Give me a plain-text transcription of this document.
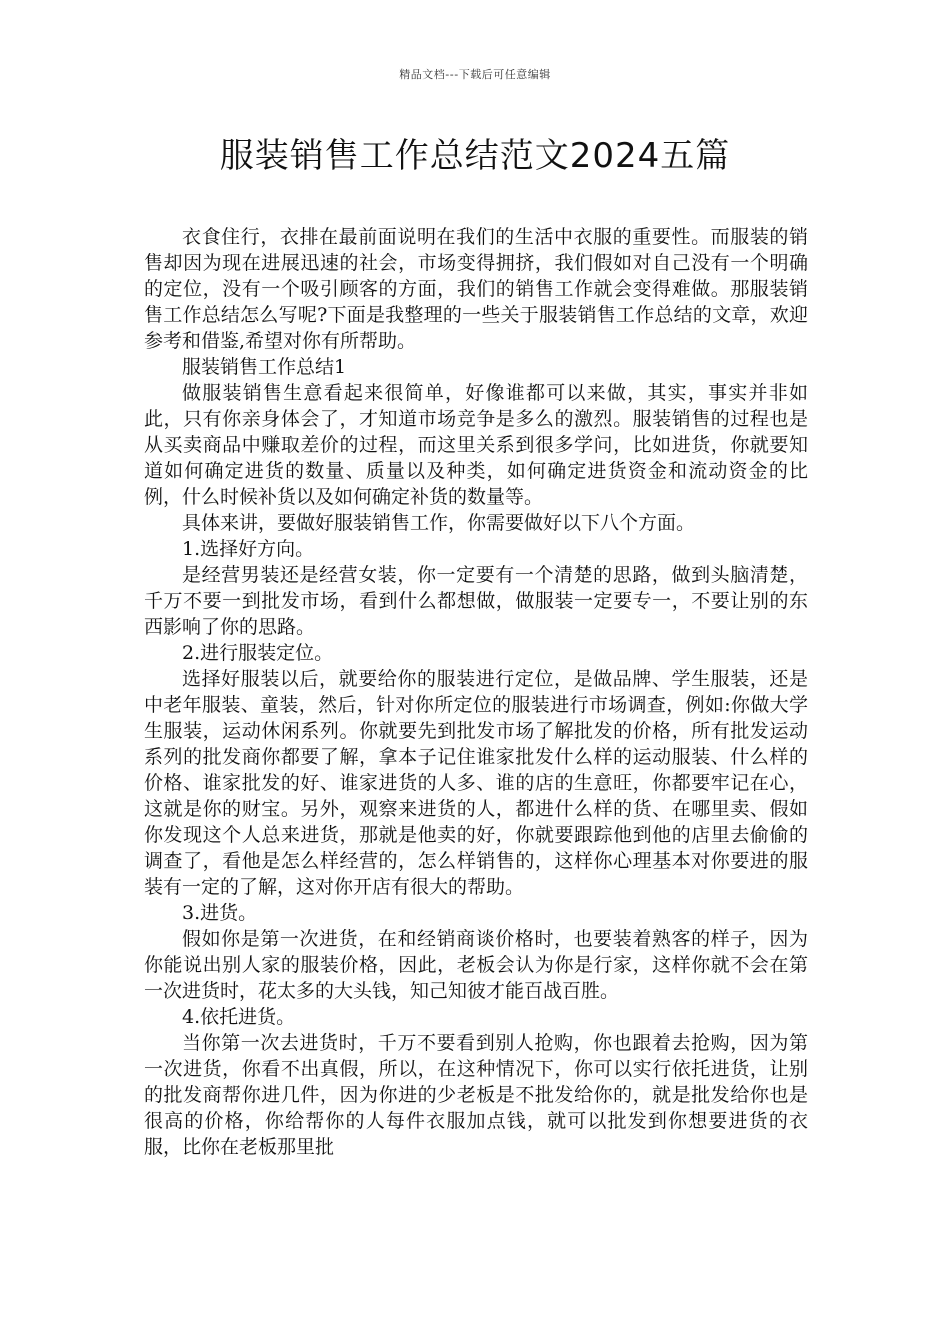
精品文档---下载后可任意编辑
服装销售工作总结范文2024五篇

衣食住行，衣排在最前面说明在我们的生活中衣服的重要性。而服装的销售却因为现在进展迅速的社会，市场变得拥挤，我们假如对自己没有一个明确的定位，没有一个吸引顾客的方面，我们的销售工作就会变得难做。那服装销售工作总结怎么写呢?下面是我整理的一些关于服装销售工作总结的文章，欢迎参考和借鉴,希望对你有所帮助。

服装销售工作总结1

做服装销售生意看起来很简单，好像谁都可以来做，其实，事实并非如此，只有你亲身体会了，才知道市场竞争是多么的激烈。服装销售的过程也是从买卖商品中赚取差价的过程，而这里关系到很多学问，比如进货，你就要知道如何确定进货的数量、质量以及种类，如何确定进货资金和流动资金的比例，什么时候补货以及如何确定补货的数量等。

具体来讲，要做好服装销售工作，你需要做好以下八个方面。

1.选择好方向。

是经营男装还是经营女装，你一定要有一个清楚的思路，做到头脑清楚，千万不要一到批发市场，看到什么都想做，做服装一定要专一，不要让别的东西影响了你的思路。

2.进行服装定位。

选择好服装以后，就要给你的服装进行定位，是做品牌、学生服装，还是中老年服装、童装，然后，针对你所定位的服装进行市场调查，例如:你做大学生服装，运动休闲系列。你就要先到批发市场了解批发的价格，所有批发运动系列的批发商你都要了解，拿本子记住谁家批发什么样的运动服装、什么样的价格、谁家批发的好、谁家进货的人多、谁的店的生意旺，你都要牢记在心，这就是你的财宝。另外，观察来进货的人，都进什么样的货、在哪里卖、假如你发现这个人总来进货，那就是他卖的好，你就要跟踪他到他的店里去偷偷的调查了，看他是怎么样经营的，怎么样销售的，这样你心理基本对你要进的服装有一定的了解，这对你开店有很大的帮助。

3.进货。

假如你是第一次进货，在和经销商谈价格时，也要装着熟客的样子，因为你能说出别人家的服装价格，因此，老板会认为你是行家，这样你就不会在第一次进货时，花太多的大头钱，知己知彼才能百战百胜。

4.依托进货。

当你第一次去进货时，千万不要看到别人抢购，你也跟着去抢购，因为第一次进货，你看不出真假，所以，在这种情况下，你可以实行依托进货，让别的批发商帮你进几件，因为你进的少老板是不批发给你的，就是批发给你也是很高的价格，你给帮你的人每件衣服加点钱，就可以批发到你想要进货的衣服，比你在老板那里批
